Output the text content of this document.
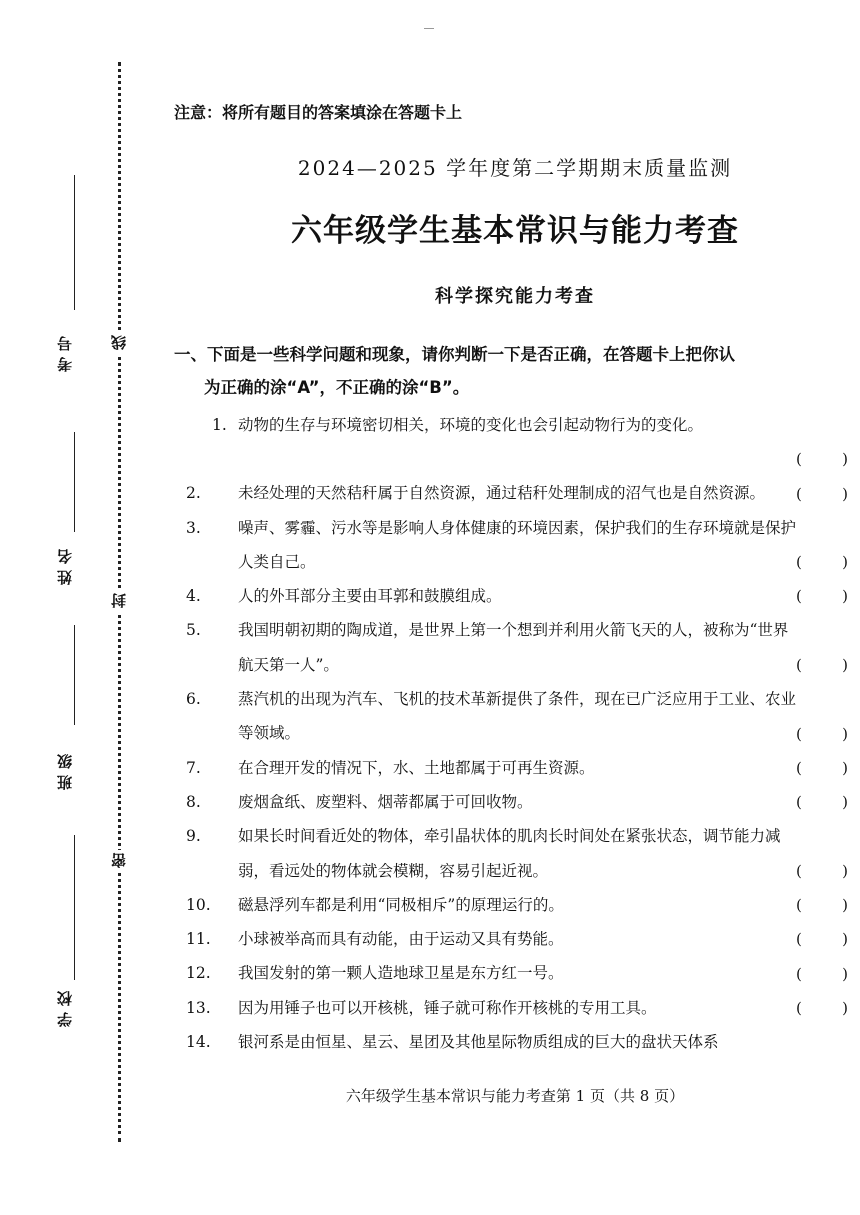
线
封
密
考号
姓名
班级
学校
注意：将所有题目的答案填涂在答题卡上
2024—2025 学年度第二学期期末质量监测
六年级学生基本常识与能力考查
科学探究能力考查
一、下面是一些科学问题和现象，请你判断一下是否正确，在答题卡上把你认
为正确的涂“A”，不正确的涂“B”。
1. 动物的生存与环境密切相关，环境的变化也会引起动物行为的变化。
(	)
2. 未经处理的天然秸秆属于自然资源，通过秸秆处理制成的沼气也是自然资源。	(	)
3. 噪声、雾霾、污水等是影响人身体健康的环境因素，保护我们的生存环境就是保护人类自己。	(	)
4. 人的外耳部分主要由耳郭和鼓膜组成。	(	)
5. 我国明朝初期的陶成道，是世界上第一个想到并利用火箭飞天的人，被称为“世界航天第一人”。	(	)
6. 蒸汽机的出现为汽车、飞机的技术革新提供了条件，现在已广泛应用于工业、农业等领域。	(	)
7. 在合理开发的情况下，水、土地都属于可再生资源。	(	)
8. 废烟盒纸、废塑料、烟蒂都属于可回收物。	(	)
9. 如果长时间看近处的物体，牵引晶状体的肌肉长时间处在紧张状态，调节能力减弱，看远处的物体就会模糊，容易引起近视。	(	)
10. 磁悬浮列车都是利用“同极相斥”的原理运行的。	(	)
11. 小球被举高而具有动能，由于运动又具有势能。	(	)
12. 我国发射的第一颗人造地球卫星是东方红一号。	(	)
13. 因为用锤子也可以开核桃，锤子就可称作开核桃的专用工具。	(	)
14. 银河系是由恒星、星云、星团及其他星际物质组成的巨大的盘状天体系
六年级学生基本常识与能力考查第 1 页（共 8 页）
